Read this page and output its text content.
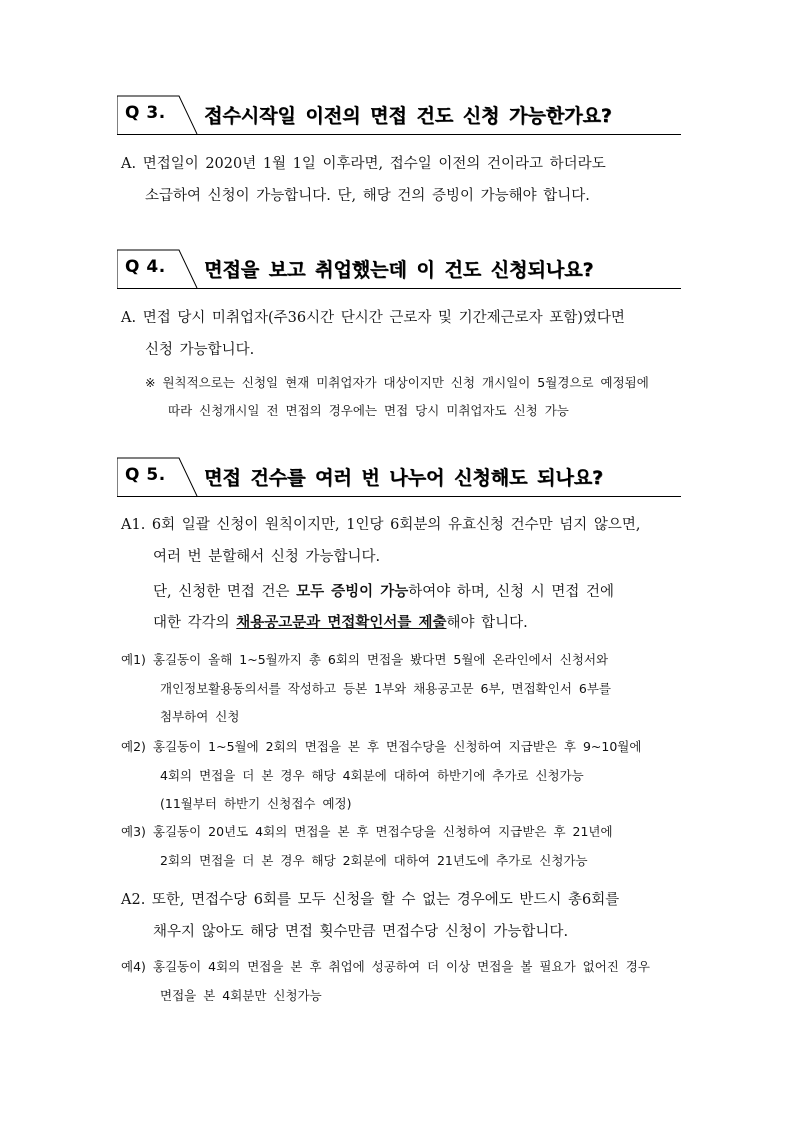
Q 3. 접수시작일 이전의 면접 건도 신청 가능한가요?
A. 면접일이 2020년 1월 1일 이후라면, 접수일 이전의 건이라고 하더라도
소급하여 신청이 가능합니다. 단, 해당 건의 증빙이 가능해야 합니다.
Q 4. 면접을 보고 취업했는데 이 건도 신청되나요?
A. 면접 당시 미취업자(주36시간 단시간 근로자 및 기간제근로자 포함)였다면
신청 가능합니다.
※ 원칙적으로는 신청일 현재 미취업자가 대상이지만 신청 개시일이 5월경으로 예정됨에
따라 신청개시일 전 면접의 경우에는 면접 당시 미취업자도 신청 가능
Q 5. 면접 건수를 여러 번 나누어 신청해도 되나요?
A1. 6회 일괄 신청이 원칙이지만, 1인당 6회분의 유효신청 건수만 넘지 않으면,
여러 번 분할해서 신청 가능합니다.
단, 신청한 면접 건은 모두 증빙이 가능하여야 하며, 신청 시 면접 건에
대한 각각의 채용공고문과 면접확인서를 제출해야 합니다.
예1) 홍길동이 올해 1~5월까지 총 6회의 면접을 봤다면 5월에 온라인에서 신청서와
개인정보활용동의서를 작성하고 등본 1부와 채용공고문 6부, 면접확인서 6부를
첨부하여 신청
예2) 홍길동이 1~5월에 2회의 면접을 본 후 면접수당을 신청하여 지급받은 후 9~10월에
4회의 면접을 더 본 경우 해당 4회분에 대하여 하반기에 추가로 신청가능
(11월부터 하반기 신청접수 예정)
예3) 홍길동이 20년도 4회의 면접을 본 후 면접수당을 신청하여 지급받은 후 21년에
2회의 면접을 더 본 경우 해당 2회분에 대하여 21년도에 추가로 신청가능
A2. 또한, 면접수당 6회를 모두 신청을 할 수 없는 경우에도 반드시 총6회를
채우지 않아도 해당 면접 횟수만큼 면접수당 신청이 가능합니다.
예4) 홍길동이 4회의 면접을 본 후 취업에 성공하여 더 이상 면접을 볼 필요가 없어진 경우
면접을 본 4회분만 신청가능
